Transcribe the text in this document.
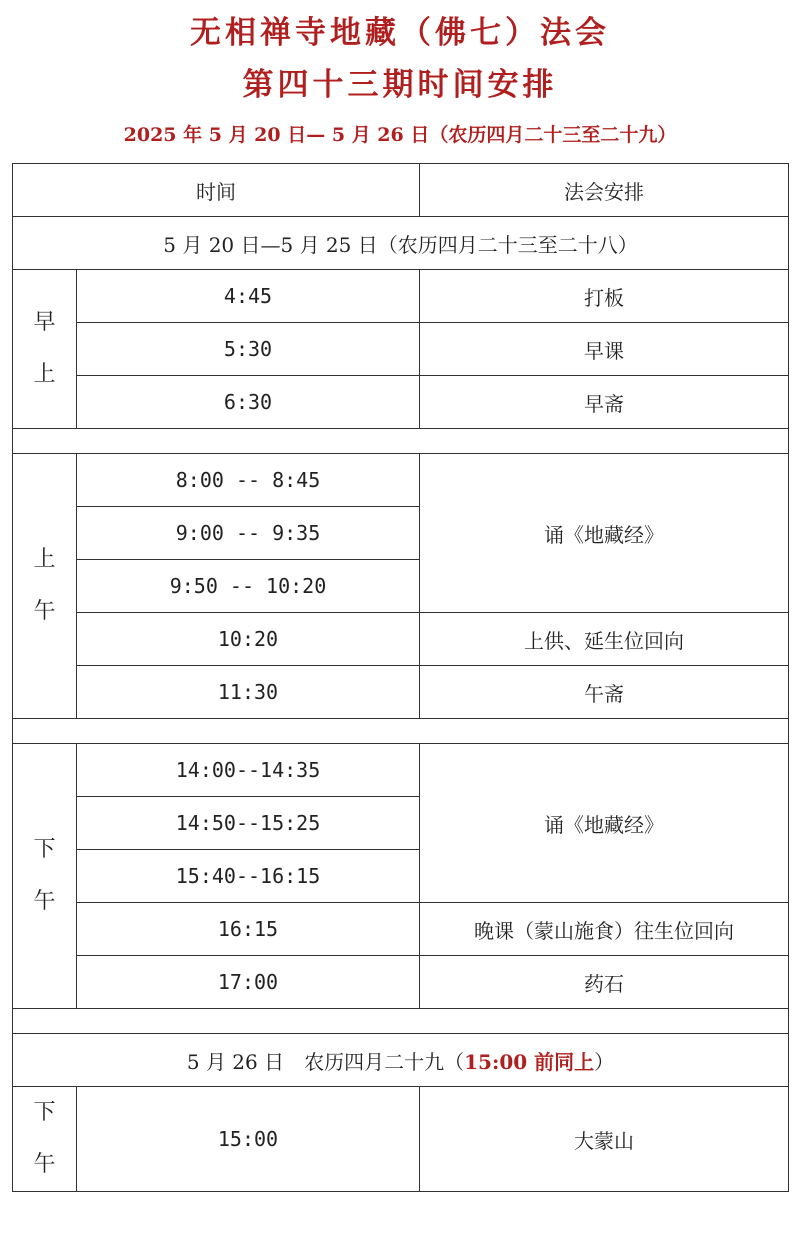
无相禅寺地藏（佛七）法会
第四十三期时间安排
2025 年 5 月 20 日— 5 月 26 日（农历四月二十三至二十九）
时间		法会安排
5 月 20 日—5 月 25 日（农历四月二十三至二十八）		

早
上	4:45	打板
	5:30	早课
	6:30	早斋

上
午	8:00 -- 8:45	诵《地藏经》
	9:00 -- 9:35	
	9:50 -- 10:20	
	10:20	上供、延生位回向
	11:30	午斋

下
午	14:00--14:35	诵《地藏经》
	14:50--15:25	
	15:40--16:15	
	16:15	晚课（蒙山施食）往生位回向
	17:00	药石

5 月 26 日　农历四月二十九（15:00 前同上）		

下
午	15:00	大蒙山
